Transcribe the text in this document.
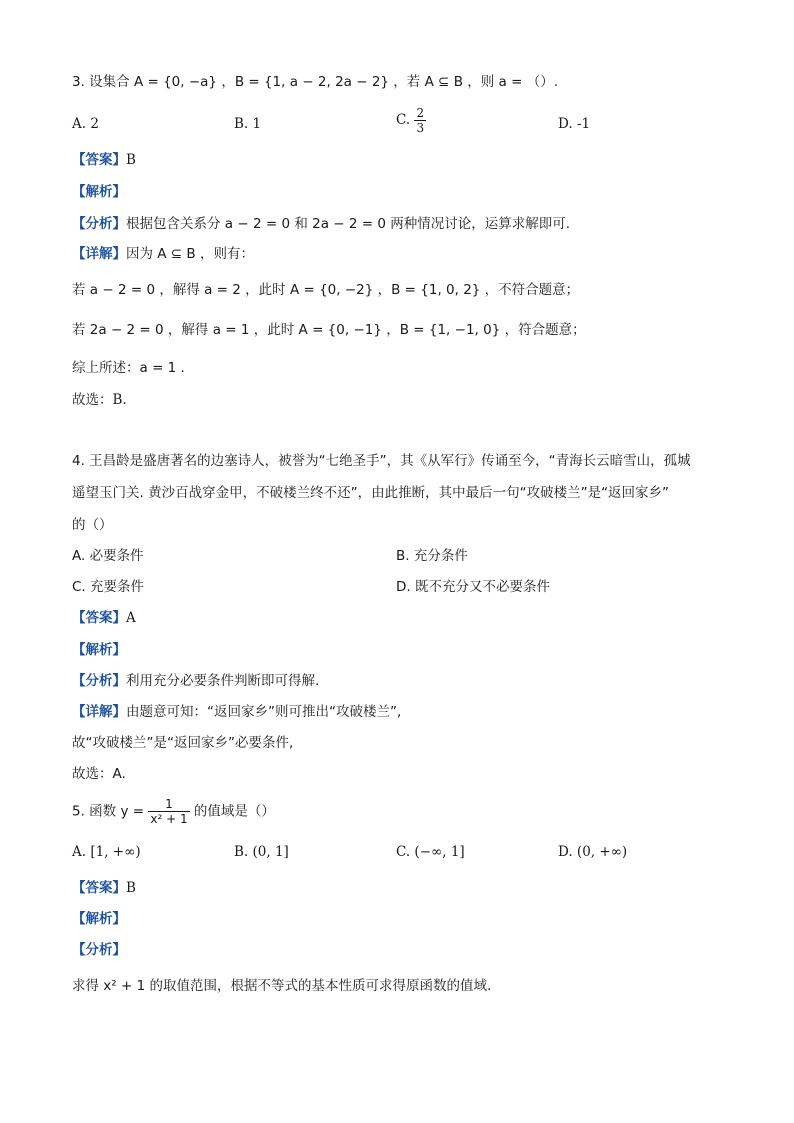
3. 设集合 A = {0, −a} ，B = {1, a − 2, 2a − 2} ，若 A ⊆ B ，则 a = （）.
A. 2	B. 1	C. $\frac{2}{3}$	D. -1
【答案】B
【解析】
【分析】根据包含关系分 a − 2 = 0 和 2a − 2 = 0 两种情况讨论，运算求解即可.
【详解】因为 A ⊆ B ，则有：
若 a − 2 = 0 ，解得 a = 2 ，此时 A = {0, −2} ，B = {1, 0, 2} ，不符合题意；
若 2a − 2 = 0 ，解得 a = 1 ，此时 A = {0, −1} ，B = {1, −1, 0} ，符合题意；
综上所述：a = 1 .
故选：B.
4. 王昌龄是盛唐著名的边塞诗人，被誉为“七绝圣手”，其《从军行》传诵至今，“青海长云暗雪山，孤城
遥望玉门关. 黄沙百战穿金甲，不破楼兰终不还”，由此推断，其中最后一句“攻破楼兰”是“返回家乡”
的（）
A. 必要条件	B. 充分条件
C. 充要条件	D. 既不充分又不必要条件
【答案】A
【解析】
【分析】利用充分必要条件判断即可得解.
【详解】由题意可知：“返回家乡”则可推出“攻破楼兰”,
故“攻破楼兰”是“返回家乡”必要条件,
故选：A.
5. 函数 $y = \frac{1}{\text{x² + 1}}$ 的值域是（）
A. [1, +∞)	B. (0, 1]	C. (−∞, 1]	D. (0, +∞)
【答案】B
【解析】
【分析】
求得 x² + 1 的取值范围，根据不等式的基本性质可求得原函数的值域.
